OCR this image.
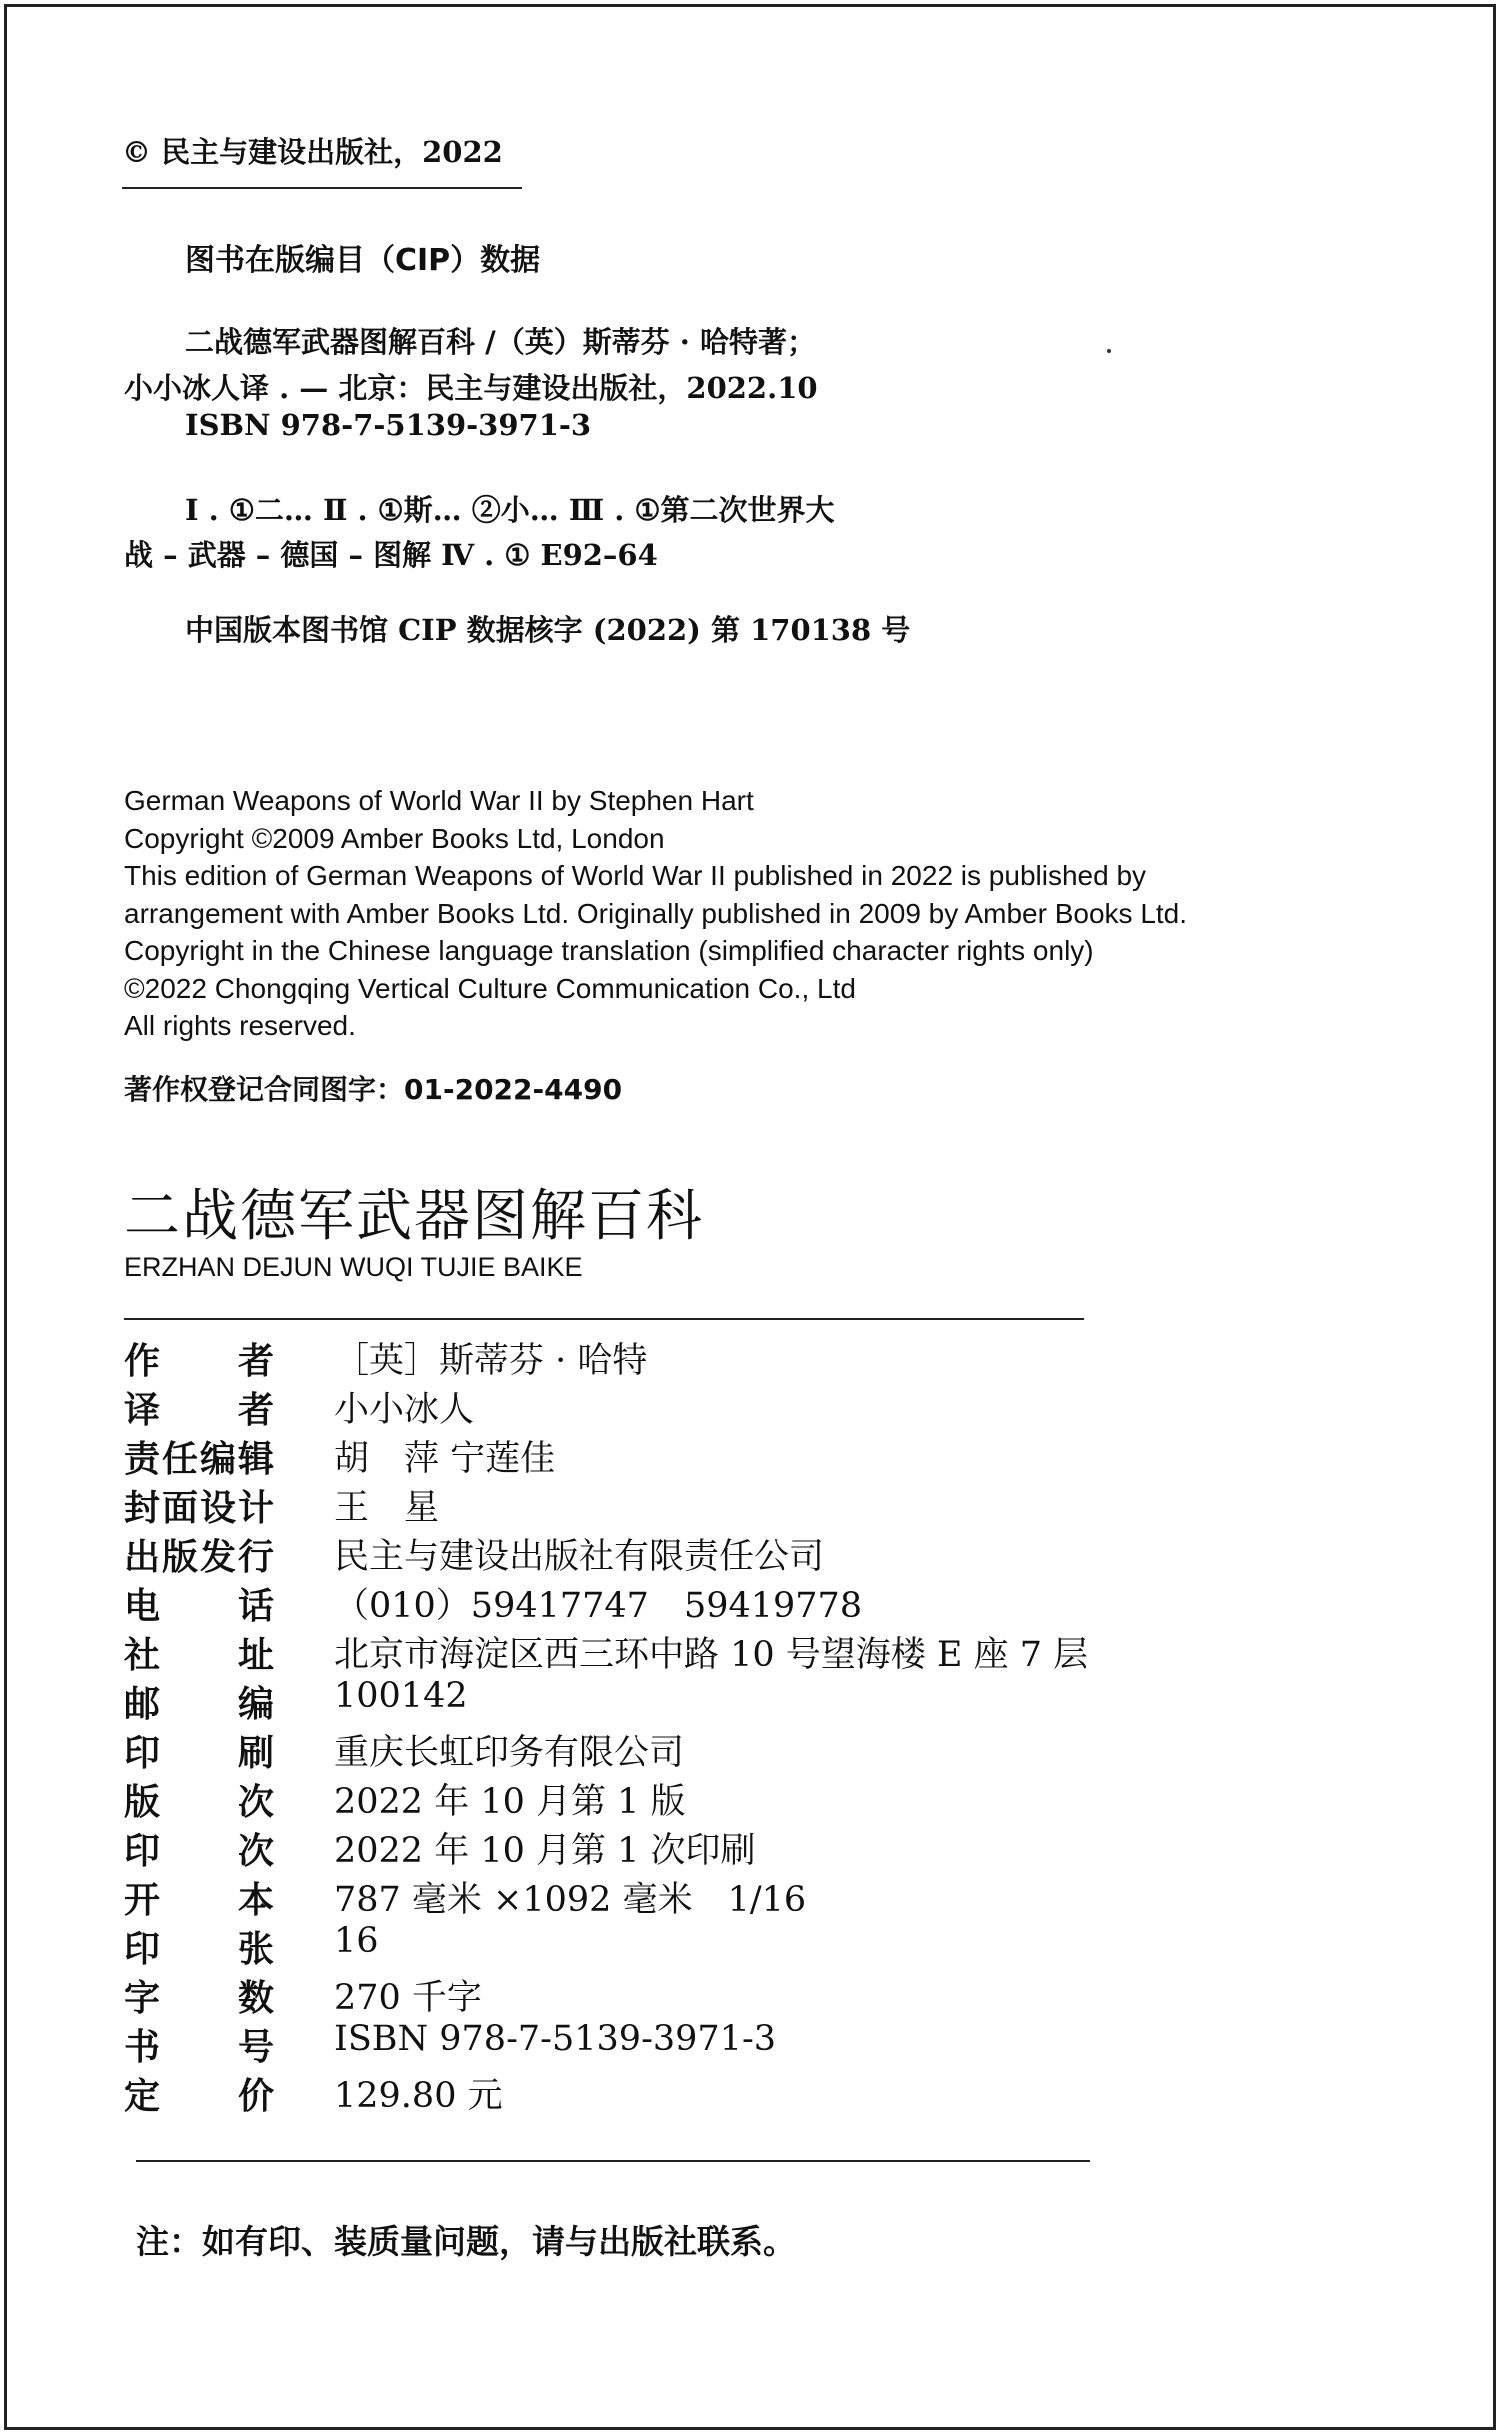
© 民主与建设出版社，2022
图书在版编目（CIP）数据
二战德军武器图解百科 /（英）斯蒂芬 · 哈特著；
小小冰人译 . — 北京：民主与建设出版社，2022.10
ISBN 978-7-5139-3971-3
Ⅰ . ①二… Ⅱ . ①斯… ②小… Ⅲ . ①第二次世界大
战 – 武器 – 德国 – 图解 Ⅳ . ① E92–64
中国版本图书馆 CIP 数据核字 (2022) 第 170138 号
German Weapons of World War II by Stephen Hart
Copyright ©2009 Amber Books Ltd, London
This edition of German Weapons of World War II published in 2022 is published by
arrangement with Amber Books Ltd. Originally published in 2009 by Amber Books Ltd.
Copyright in the Chinese language translation (simplified character rights only)
©2022 Chongqing Vertical Culture Communication Co., Ltd
All rights reserved.
著作权登记合同图字：01-2022-4490
二战德军武器图解百科
ERZHAN DEJUN WUQI TUJIE BAIKE
作 者 ［英］斯蒂芬 · 哈特
译 者 小小冰人
责 任 编 辑 胡　萍 宁莲佳
封 面 设 计 王　星
出 版 发 行 民主与建设出版社有限责任公司
电 话 （010）59417747　59419778
社 址 北京市海淀区西三环中路 10 号望海楼 E 座 7 层
邮 编 100142
印 刷 重庆长虹印务有限公司
版 次 2022 年 10 月第 1 版
印 次 2022 年 10 月第 1 次印刷
开 本 787 毫米 ×1092 毫米　1/16
印 张 16
字 数 270 千字
书 号 ISBN 978-7-5139-3971-3
定 价 129.80 元
注：如有印、装质量问题，请与出版社联系。
